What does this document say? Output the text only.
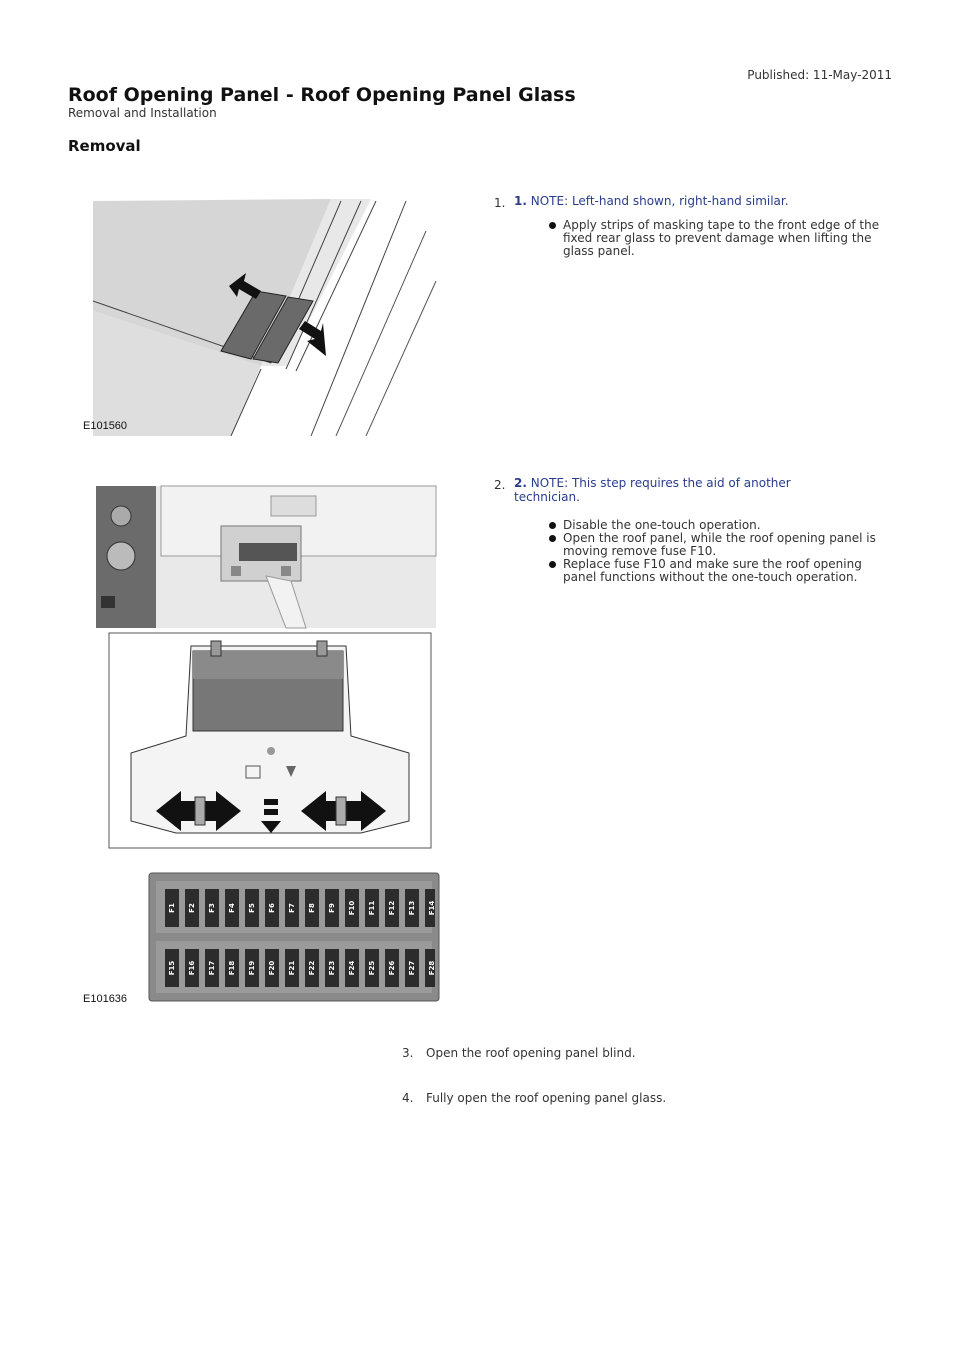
Published: 11-May-2011
Roof Opening Panel - Roof Opening Panel Glass
Removal and Installation
Removal
E101560
1. 1. NOTE: Left-hand shown, right-hand similar.
Apply strips of masking tape to the front edge of the fixed rear glass to prevent damage when lifting the glass panel.
F1 F2 F3 F4 F5 F6 F7 F8 F9 F10 F11 F12 F13 F14
F15 F16 F17 F18 F19 F20 F21 F22 F23 F24 F25 F26 F27 F28
E101636
2. 2. NOTE: This step requires the aid of another technician.
Disable the one-touch operation.
Open the roof panel, while the roof opening panel is moving remove fuse F10.
Replace fuse F10 and make sure the roof opening panel functions without the one-touch operation.
3. Open the roof opening panel blind.
4. Fully open the roof opening panel glass.
